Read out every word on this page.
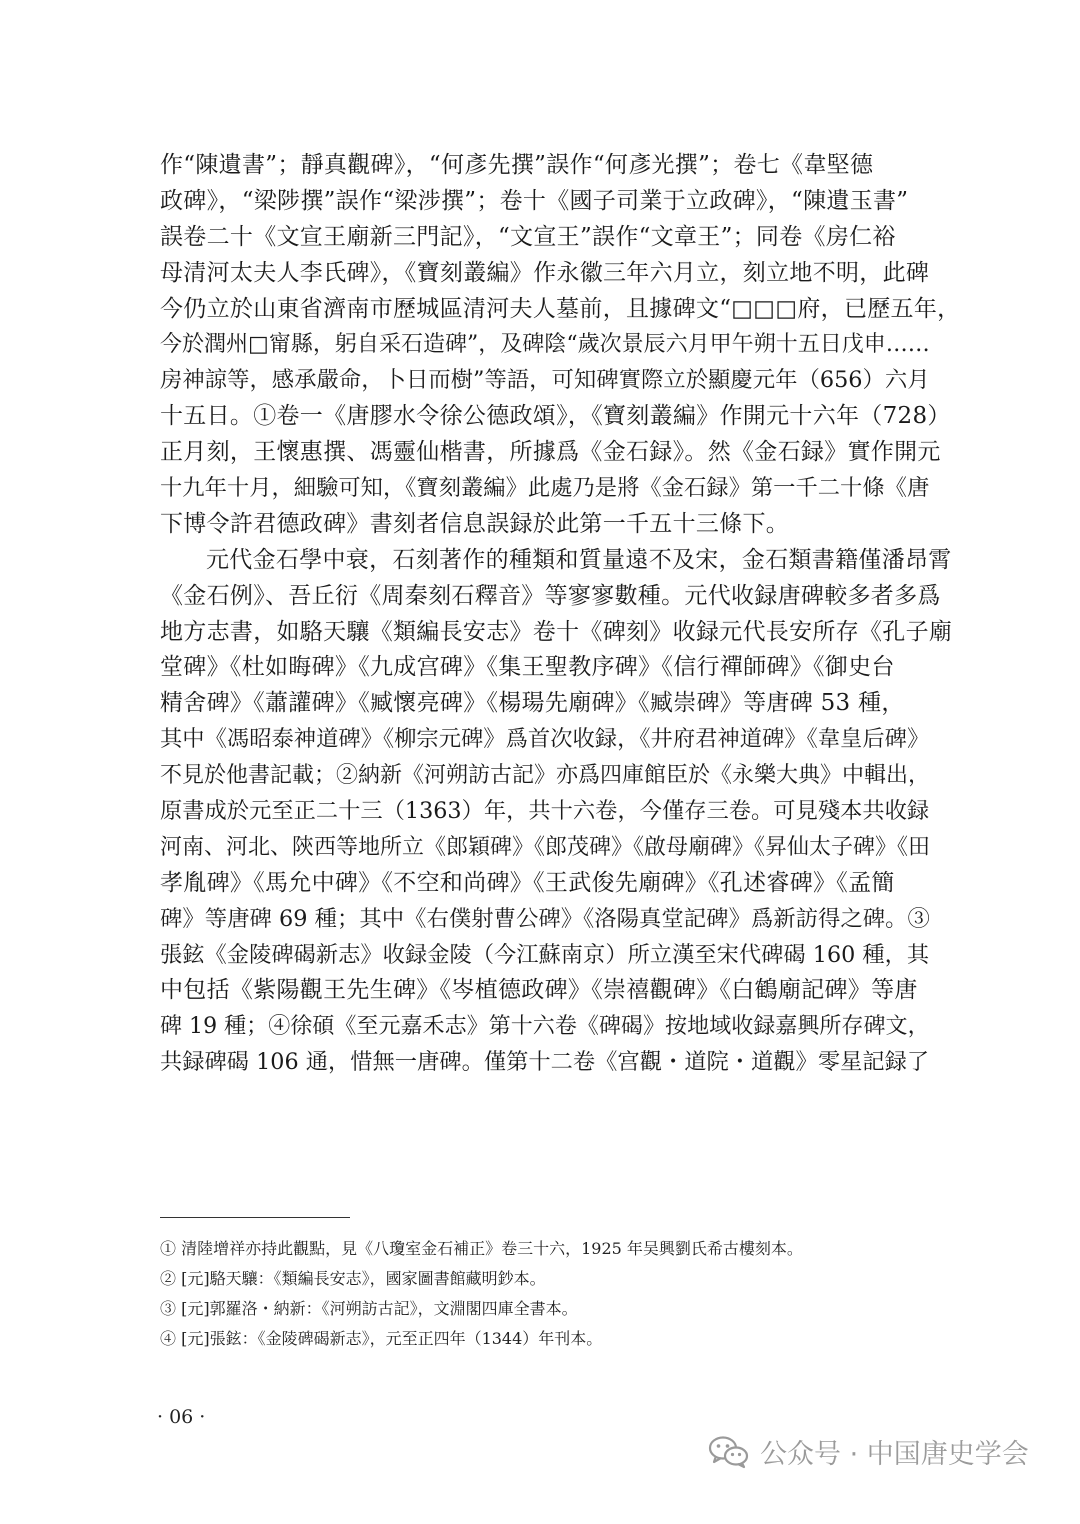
作“陳遺書”；靜真觀碑》，“何彥先撰”誤作“何彥光撰”；卷七《韋堅德
政碑》，“梁陟撰”誤作“梁涉撰”；卷十《國子司業于立政碑》，“陳遺玉書”
誤卷二十《文宣王廟新三門記》，“文宣王”誤作“文章王”；同卷《房仁裕
母清河太夫人李氏碑》，《寶刻叢編》作永徽三年六月立，刻立地不明，此碑
今仍立於山東省濟南市歷城區清河夫人墓前，且據碑文“□□□府，已歷五年，
今於潤州□甯縣，躬自采石造碑”，及碑陰“歲次景辰六月甲午朔十五日戊申……
房神諒等，感承嚴命，卜日而樹”等語，可知碑實際立於顯慶元年（656）六月
十五日。①卷一《唐膠水令徐公德政頌》，《寶刻叢編》作開元十六年（728）
正月刻，王懷惠撰、馮靈仙楷書，所據爲《金石録》。然《金石録》實作開元
十九年十月，細驗可知，《寶刻叢編》此處乃是將《金石録》第一千二十條《唐
下博令許君德政碑》書刻者信息誤録於此第一千五十三條下。
元代金石學中衰，石刻著作的種類和質量遠不及宋，金石類書籍僅潘昂霄
《金石例》、吾丘衍《周秦刻石釋音》等寥寥數種。元代收録唐碑較多者多爲
地方志書，如駱天驤《類編長安志》卷十《碑刻》收録元代長安所存《孔子廟
堂碑》《杜如晦碑》《九成宫碑》《集王聖教序碑》《信行禪師碑》《御史台
精舍碑》《蕭讙碑》《臧懷亮碑》《楊瑒先廟碑》《臧崇碑》等唐碑 53 種，
其中《馮昭泰神道碑》《柳宗元碑》爲首次收録，《井府君神道碑》《韋皇后碑》
不見於他書記載；②納新《河朔訪古記》亦爲四庫館臣於《永樂大典》中輯出，
原書成於元至正二十三（1363）年，共十六卷，今僅存三卷。可見殘本共收録
河南、河北、陝西等地所立《郎穎碑》《郎茂碑》《啟母廟碑》《昇仙太子碑》《田
孝胤碑》《馬允中碑》《不空和尚碑》《王武俊先廟碑》《孔述睿碑》《孟簡
碑》等唐碑 69 種；其中《右僕射曹公碑》《洛陽真堂記碑》爲新訪得之碑。③
張鉉《金陵碑碣新志》收録金陵（今江蘇南京）所立漢至宋代碑碣 160 種，其
中包括《紫陽觀王先生碑》《岑植德政碑》《崇禧觀碑》《白鶴廟記碑》等唐
碑 19 種；④徐碩《至元嘉禾志》第十六卷《碑碣》按地域收録嘉興所存碑文，
共録碑碣 106 通，惜無一唐碑。僅第十二卷《宫觀・道院・道觀》零星記録了
① 清陸增祥亦持此觀點，見《八瓊室金石補正》卷三十六，1925 年吴興劉氏希古樓刻本。
② [元]駱天驤：《類編長安志》，國家圖書館藏明鈔本。
③ [元]郭羅洛・納新：《河朔訪古記》，文淵閣四庫全書本。
④ [元]張鉉：《金陵碑碣新志》，元至正四年（1344）年刊本。
· 06 ·
公众号 · 中国唐史学会
